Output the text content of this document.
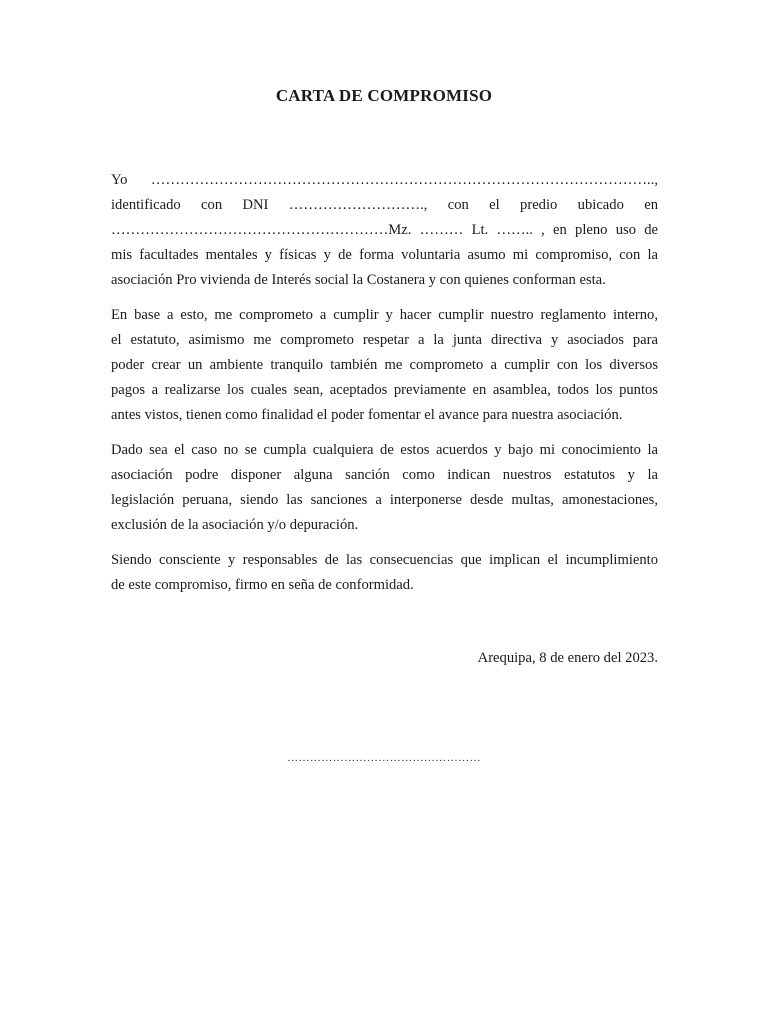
CARTA DE COMPROMISO
Yo …………………………………………………………………………………………..,
identificado con DNI ………………………., con el predio ubicado en
…………………………………………………Mz. ……… Lt. …….. , en pleno uso de
mis facultades mentales y físicas y de forma voluntaria asumo mi compromiso, con la
asociación Pro vivienda de Interés social la Costanera y con quienes conforman esta.
En base a esto, me comprometo a cumplir y hacer cumplir nuestro reglamento interno,
el estatuto, asimismo me comprometo respetar a la junta directiva y asociados para
poder crear un ambiente tranquilo también me comprometo a cumplir con los diversos
pagos a realizarse los cuales sean, aceptados previamente en asamblea, todos los puntos
antes vistos, tienen como finalidad el poder fomentar el avance para nuestra asociación.
Dado sea el caso no se cumpla cualquiera de estos acuerdos y bajo mi conocimiento la
asociación podre disponer alguna sanción como indican nuestros estatutos y la
legislación peruana, siendo las sanciones a interponerse desde multas, amonestaciones,
exclusión de la asociación y/o depuración.
Siendo consciente y responsables de las consecuencias que implican el incumplimiento
de este compromiso, firmo en seña de conformidad.
Arequipa, 8 de enero del 2023.
……………………………………………
